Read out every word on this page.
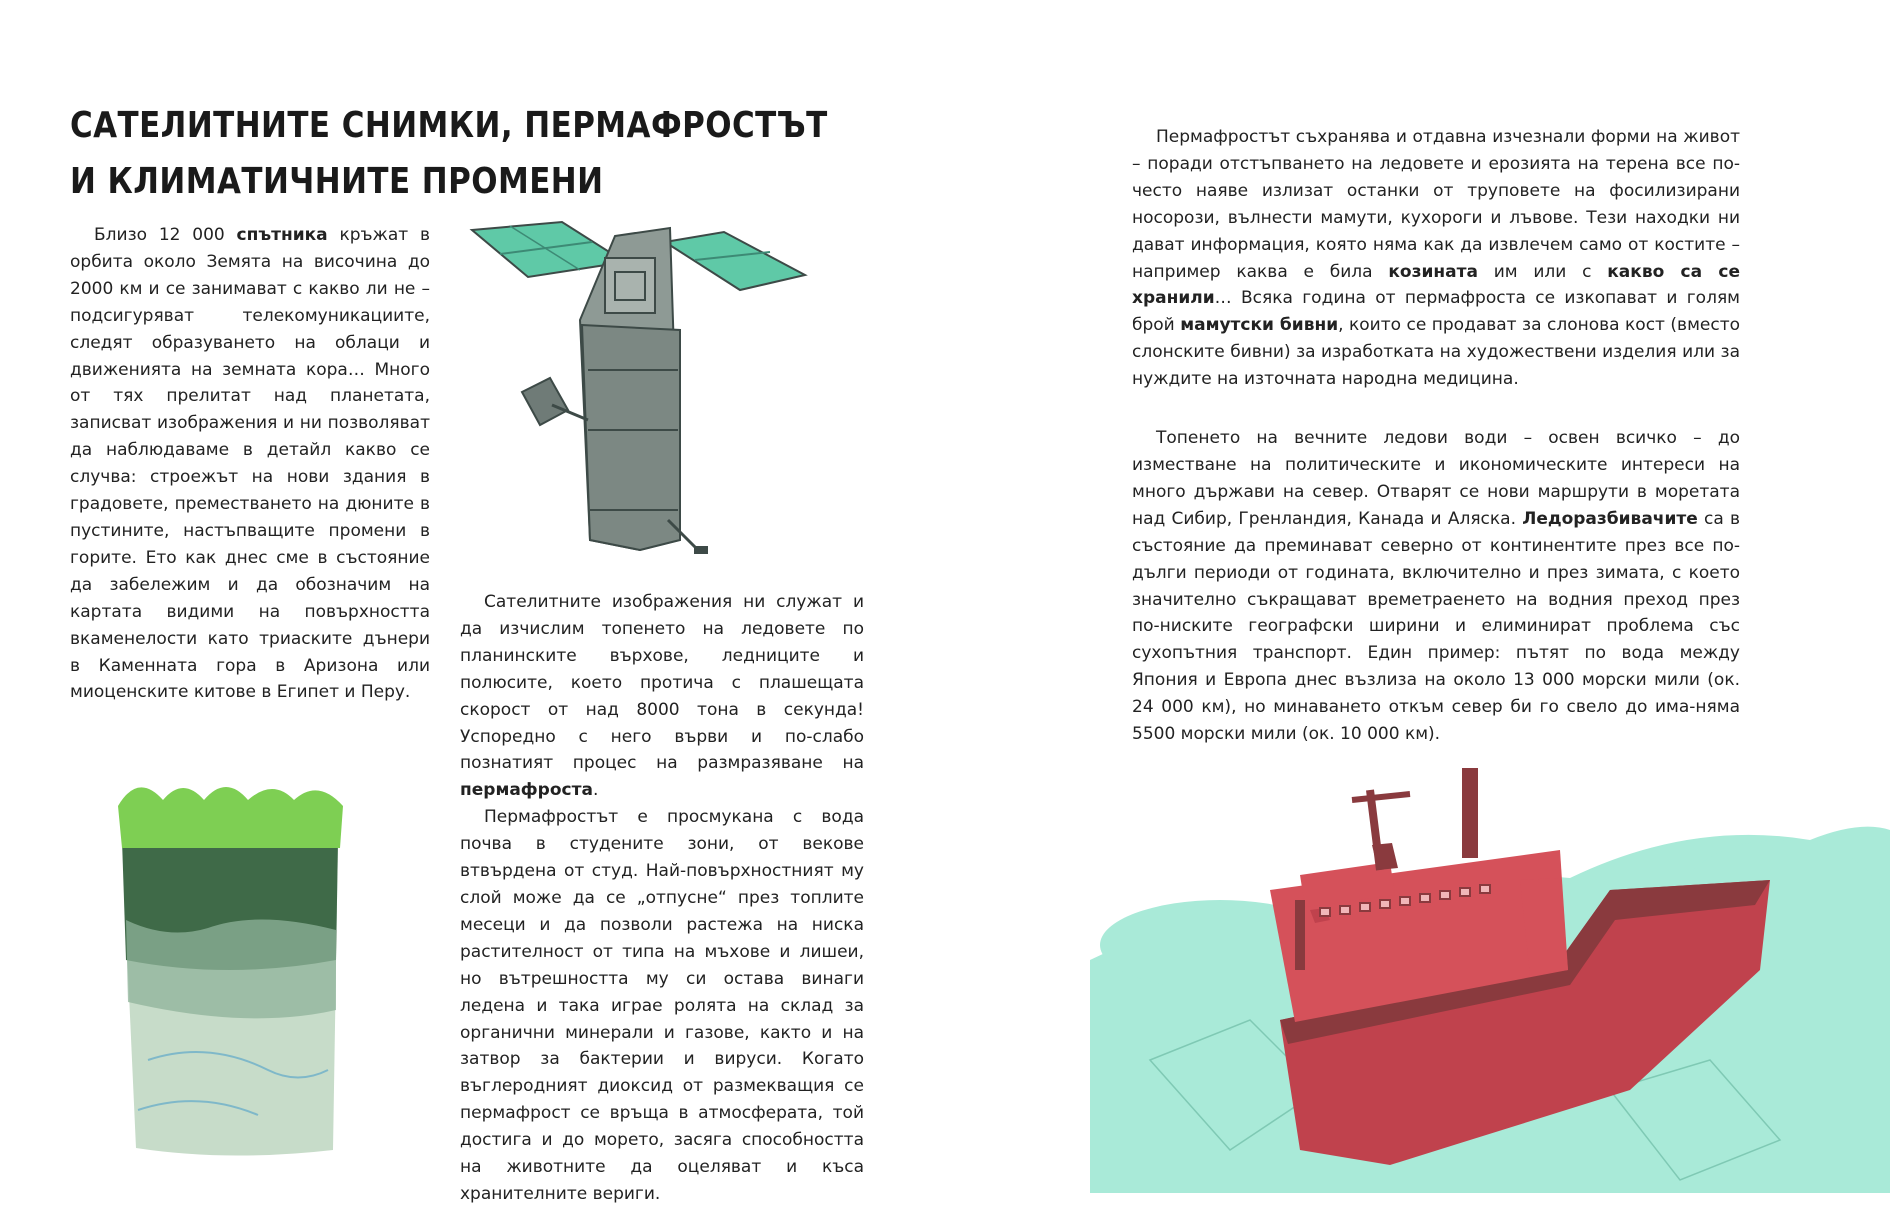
САТЕЛИТНИТЕ СНИМКИ, ПЕРМАФРОСТЪТ
И КЛИМАТИЧНИТЕ ПРОМЕНИ

Близо 12 000 спътника кръжат в орбита около Земята на височина до 2000 км и се занимават с какво ли не – подсигуряват телекомуникациите, следят образуването на облаци и движенията на земната кора… Много от тях прелитат над планетата, записват изображения и ни позволяват да наблюдаваме в детайл какво се случва: строежът на нови здания в градовете, преместването на дюните в пустините, настъпващите промени в горите. Ето как днес сме в състояние да забележим и да обозначим на картата видими на повърхността вкаменелости като триаските дънери в Каменната гора в Аризона или миоценските китове в Египет и Перу.

Сателитните изображения ни служат и да изчислим топенето на ледовете по планинските върхове, ледниците и полюсите, което протича с плашещата скорост от над 8000 тона в секунда! Успоредно с него върви и по-слабо познатият процес на размразяване на пермафроста.

Пермафростът е просмукана с вода почва в студените зони, от векове втвърдена от студ. Най-повърхностният му слой може да се „отпусне“ през топлите месеци и да позволи растежа на ниска растителност от типа на мъхове и лишеи, но вътрешността му си остава винаги ледена и така играе ролята на склад за органични минерали и газове, както и на затвор за бактерии и вируси. Когато въглеродният диоксид от размекващия се пермафрост се връща в атмосферата, той достига и до морето, засяга способността на животните да оцеляват и къса хранителните вериги.

Пермафростът съхранява и отдавна изчезнали форми на живот – поради отстъпването на ледовете и ерозията на терена все по-често наяве излизат останки от труповете на фосилизирани носорози, вълнести мамути, кухороги и лъвове. Тези находки ни дават информация, която няма как да извлечем само от костите – например каква е била козината им или с какво са се хранили… Всяка година от пермафроста се изкопават и голям брой мамутски бивни, които се продават за слонова кост (вместо слонските бивни) за изработката на художествени изделия или за нуждите на източната народна медицина.

Топенето на вечните ледови води – освен всичко – до изместване на политическите и икономическите интереси на много държави на север. Отварят се нови маршрути в моретата над Сибир, Гренландия, Канада и Аляска. Ледоразбивачите са в състояние да преминават северно от континентите през все по-дълги периоди от годината, включително и през зимата, с което значително съкращават времетраенето на водния преход през по-ниските географски ширини и елиминират проблема със сухопътния транспорт. Един пример: пътят по вода между Япония и Европа днес възлиза на около 13 000 морски мили (ок. 24 000 км), но минаването откъм север би го свело до има-няма 5500 морски мили (ок. 10 000 км).
